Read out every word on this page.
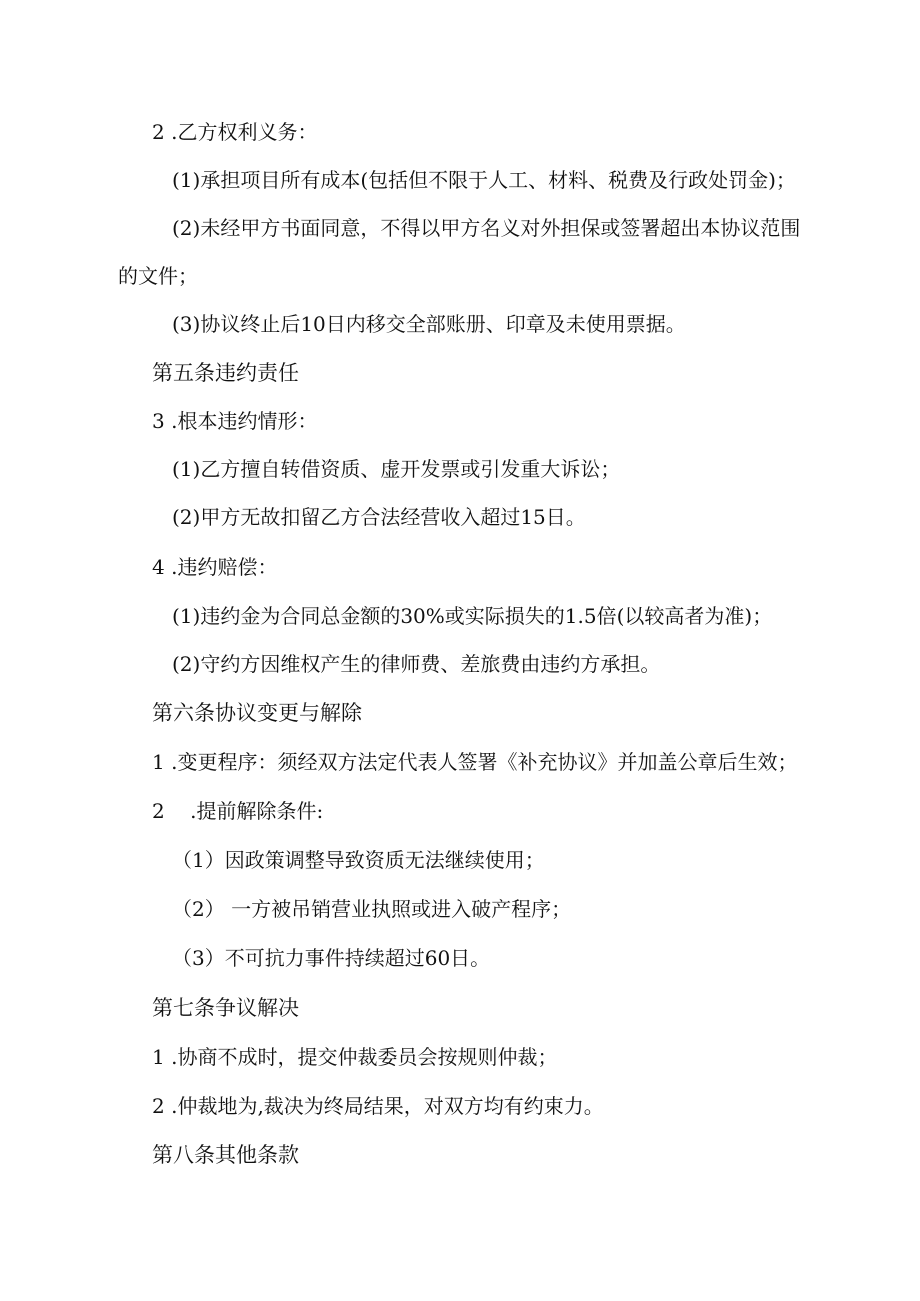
2 .乙方权利义务：
(1)承担项目所有成本(包括但不限于人工、材料、税费及行政处罚金)；
(2)未经甲方书面同意，不得以甲方名义对外担保或签署超出本协议范围
的文件；
(3)协议终止后10日内移交全部账册、印章及未使用票据。
第五条违约责任
3 .根本违约情形：
(1)乙方擅自转借资质、虚开发票或引发重大诉讼；
(2)甲方无故扣留乙方合法经营收入超过15日。
4 .违约赔偿：
(1)违约金为合同总金额的30%或实际损失的1.5倍(以较高者为准)；
(2)守约方因维权产生的律师费、差旅费由违约方承担。
第六条协议变更与解除
1 .变更程序：须经双方法定代表人签署《补充协议》并加盖公章后生效；
2    .提前解除条件:
（1）因政策调整导致资质无法继续使用；
（2） 一方被吊销营业执照或进入破产程序；
（3）不可抗力事件持续超过60日。
第七条争议解决
1 .协商不成时，提交仲裁委员会按规则仲裁；
2 .仲裁地为,裁决为终局结果，对双方均有约束力。
第八条其他条款
